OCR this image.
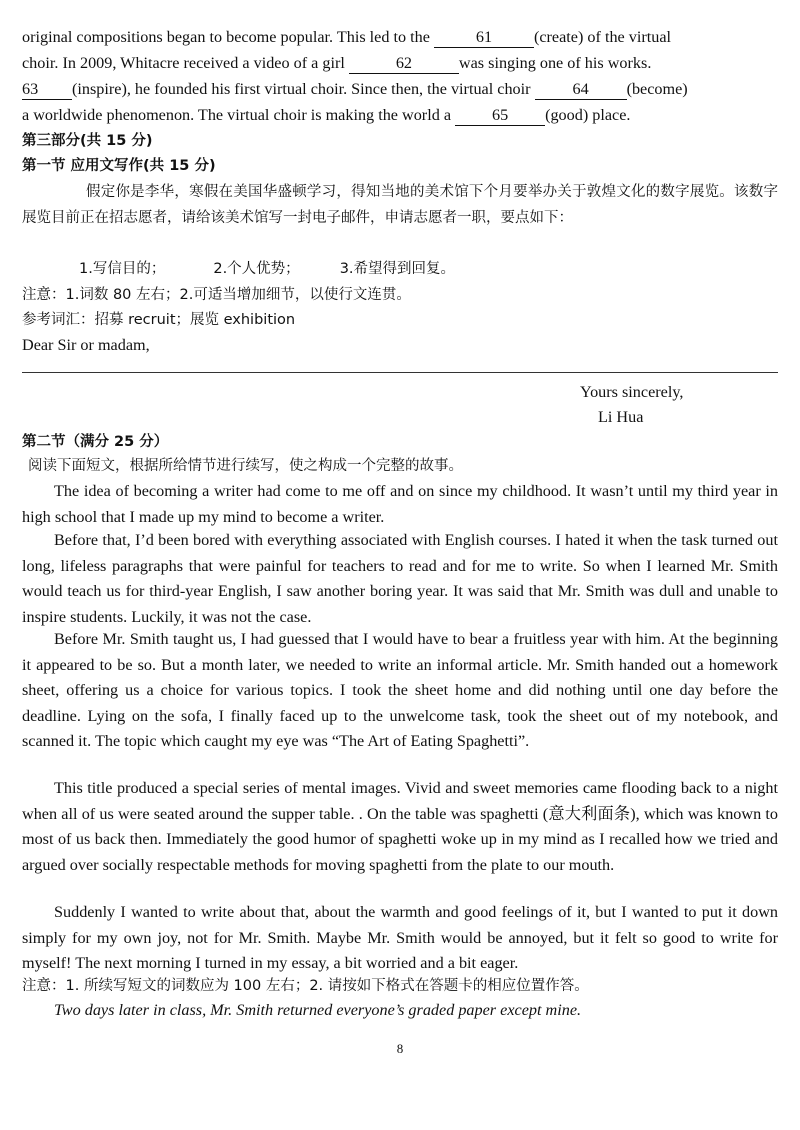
original compositions began to become popular. This led to the	61	(create) of the virtual

choir. In 2009, Whitacre received a video of a girl	62	was singing one of his works.

63 (inspire), he founded his first virtual choir. Since then, the virtual choir	64 (become)

a worldwide phenomenon. The virtual choir is making the world a	65 (good) place.

第三部分(共 15 分)

第一节 应用文写作(共 15 分)

假定你是李华，寒假在美国华盛顿学习，得知当地的美术馆下个月要举办关于敦煌文化的数字展览。该数字展览目前正在招志愿者，请给该美术馆写一封电子邮件，申请志愿者一职，要点如下：

1.写信目的；	2.个人优势；	3.希望得到回复。

注意：1.词数 80 左右；2.可适当增加细节，以使行文连贯。

参考词汇：招募 recruit；展览 exhibition

Dear Sir or madam,

Yours sincerely,

Li Hua

第二节（满分 25 分）

阅读下面短文，根据所给情节进行续写，使之构成一个完整的故事。

The idea of becoming a writer had come to me off and on since my childhood. It wasn’t until my third year in high school that I made up my mind to become a writer.

Before that, I’d been bored with everything associated with English courses. I hated it when the task turned out long, lifeless paragraphs that were painful for teachers to read and for me to write. So when I learned Mr. Smith would teach us for third-year English, I saw another boring year. It was said that Mr. Smith was dull and unable to inspire students. Luckily, it was not the case.

Before Mr. Smith taught us, I had guessed that I would have to bear a fruitless year with him. At the beginning it appeared to be so. But a month later, we needed to write an informal article. Mr. Smith handed out a homework sheet, offering us a choice for various topics. I took the sheet home and did nothing until one day before the deadline. Lying on the sofa, I finally faced up to the unwelcome task, took the sheet out of my notebook, and scanned it. The topic which caught my eye was “The Art of Eating Spaghetti”.

This title produced a special series of mental images. Vivid and sweet memories came flooding back to a night when all of us were seated around the supper table. . On the table was spaghetti (意大利面条), which was known to most of us back then. Immediately the good humor of spaghetti woke up in my mind as I recalled how we tried and argued over socially respectable methods for moving spaghetti from the plate to our mouth.

Suddenly I wanted to write about that, about the warmth and good feelings of it, but I wanted to put it down simply for my own joy, not for Mr. Smith. Maybe Mr. Smith would be annoyed, but it felt so good to write for myself! The next morning I turned in my essay, a bit worried and a bit eager.

注意：1. 所续写短文的词数应为 100 左右；2. 请按如下格式在答题卡的相应位置作答。

Two days later in class, Mr. Smith returned everyone’s graded paper except mine.

8
